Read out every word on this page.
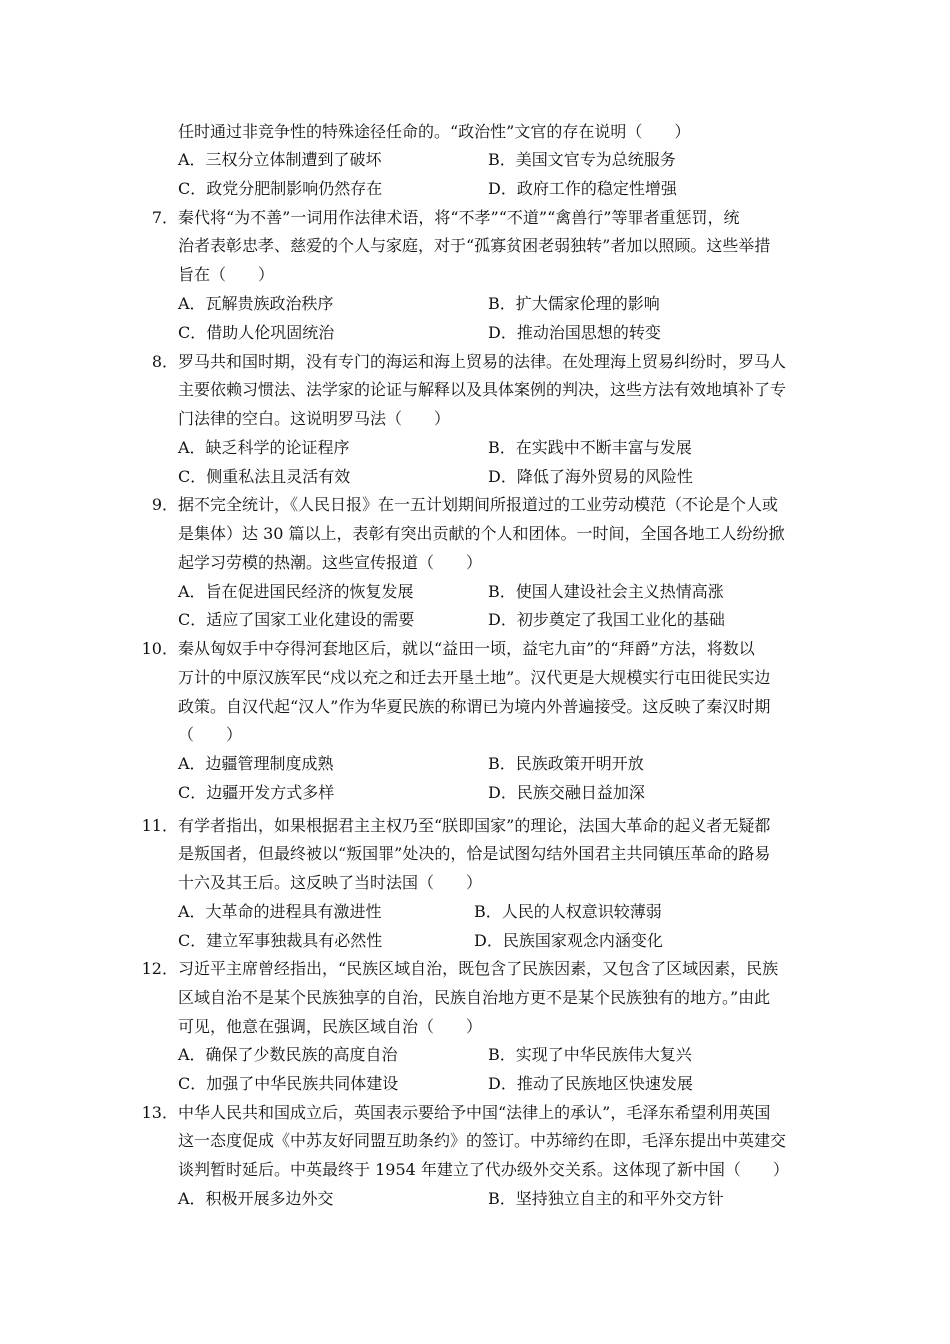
任时通过非竞争性的特殊途径任命的。“政治性”文官的存在说明（　　）
A．三权分立体制遭到了破坏	B．美国文官专为总统服务
C．政党分肥制影响仍然存在	D．政府工作的稳定性增强
7． 秦代将“为不善”一词用作法律术语，将“不孝”“不道”“禽兽行”等罪者重惩罚，统
治者表彰忠孝、慈爱的个人与家庭，对于“孤寡贫困老弱独转”者加以照顾。这些举措
旨在（　　）
A．瓦解贵族政治秩序	B．扩大儒家伦理的影响
C．借助人伦巩固统治	D．推动治国思想的转变
8． 罗马共和国时期，没有专门的海运和海上贸易的法律。在处理海上贸易纠纷时，罗马人
主要依赖习惯法、法学家的论证与解释以及具体案例的判决，这些方法有效地填补了专
门法律的空白。这说明罗马法（　　）
A．缺乏科学的论证程序	B．在实践中不断丰富与发展
C．侧重私法且灵活有效	D．降低了海外贸易的风险性
9． 据不完全统计，《人民日报》在一五计划期间所报道过的工业劳动模范（不论是个人或
是集体）达 30 篇以上，表彰有突出贡献的个人和团体。一时间，全国各地工人纷纷掀
起学习劳模的热潮。这些宣传报道（　　）
A．旨在促进国民经济的恢复发展	B．使国人建设社会主义热情高涨
C．适应了国家工业化建设的需要	D．初步奠定了我国工业化的基础
10． 秦从匈奴手中夺得河套地区后，就以“益田一顷，益宅九亩”的“拜爵”方法，将数以
万计的中原汉族军民“戍以充之和迁去开垦土地”。汉代更是大规模实行屯田徙民实边
政策。自汉代起“汉人”作为华夏民族的称谓已为境内外普遍接受。这反映了秦汉时期
（　　）
A．边疆管理制度成熟	B．民族政策开明开放
C．边疆开发方式多样	D．民族交融日益加深
11． 有学者指出，如果根据君主主权乃至“朕即国家”的理论，法国大革命的起义者无疑都
是叛国者，但最终被以“叛国罪”处决的，恰是试图勾结外国君主共同镇压革命的路易
十六及其王后。这反映了当时法国（　　）
A．大革命的进程具有激进性	B．人民的人权意识较薄弱
C．建立军事独裁具有必然性	D．民族国家观念内涵变化
12． 习近平主席曾经指出，“民族区域自治，既包含了民族因素，又包含了区域因素，民族
区域自治不是某个民族独享的自治，民族自治地方更不是某个民族独有的地方。”由此
可见，他意在强调，民族区域自治（　　）
A．确保了少数民族的高度自治	B．实现了中华民族伟大复兴
C．加强了中华民族共同体建设	D．推动了民族地区快速发展
13． 中华人民共和国成立后，英国表示要给予中国“法律上的承认”，毛泽东希望利用英国
这一态度促成《中苏友好同盟互助条约》的签订。中苏缔约在即，毛泽东提出中英建交
谈判暂时延后。中英最终于 1954 年建立了代办级外交关系。这体现了新中国（　　）
A．积极开展多边外交	B．坚持独立自主的和平外交方针
